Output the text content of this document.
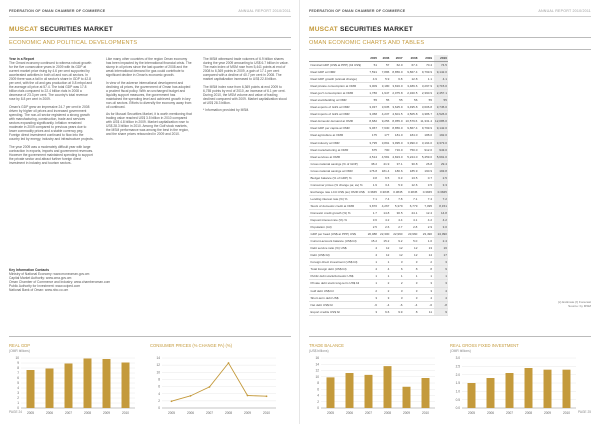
FEDERATION OF OMAN CHAMBER OF COMMERCE	ANNUAL REPORT 2010/2011
MUSCAT SECURITIES MARKET
ECONOMIC AND POLITICAL DEVELOPMENTS

Year in a Report

The Omani economy continued to witness robust growth for the five consecutive years in 2009 with its GDP at current market price rising by 4.6 per cent supported by accelerated activities in both oil and non-oil sectors. In 2009 there was a fall in oil sector's share in GDP to 42.8 per cent, with the oil and gas production at 0.8 mbpd and the average oil price at 57.4. The total GDP was 17.8 billion rials compared to 22.4 billion rials in 2008 a decrease of 23.3 per cent. The country's total revenue rose by 8.8 per cent in 2009.

Oman's GDP grew an impressive 24.7 per cent in 2008 driven by higher oil prices and increased government spending. The non-oil sector registered a strong growth with manufacturing, construction, trade and services sectors expanding significantly. Inflation remained moderate in 2009 compared to previous years due to lower commodity prices and a stable currency peg. Foreign direct investment continued to flow into the country led by energy, industry and infrastructure projects.

The year 2009 was a moderately difficult year with large contraction in exports, imports and government revenues. However the government maintained spending to support the private sector and attract further foreign direct investment in industry and tourism sectors.

Like many other countries of the region Oman economy has been impacted by the international financial crisis. The slump in oil prices since the last quarter of 2008 and the weak international demand for gas could contribute to significant decline in Oman's economic growth.

In view of the adverse international development and declining oil prices, the government of Oman has adopted a prudent fiscal policy. With an unchanged budget and liquidity support measures, the government has maintained the spending level and achieved growth in key non-oil sectors. Efforts to diversify the economy away from oil continued.

As for Muscat Securities Market, it is worth mentioning that trading value reached US$ 3.5 billion in 2010 compared with US$ 4.8 billion in 2009. Market capitalization rose to US$ 28.3 billion in 2010. Among the Gulf stock markets, the MSM performance was among the best in the region, and the share prices rebounded in 2009 and 2010.

The MSM witnessed trade volumes of 6.9 billion shares during the year 2009 amounting to US$ 6.7 billion in value. The main index of MSM rose from 5,441 points at end of 2008 to 6,369 points in 2009, a gain of 17.1 per cent compared with a decline of 40.7 per cent in 2008. The market capitalization increased to US$ 22.8 billion.

The MSM index rose from 6,369 points at end 2009 to 6,755 points by end of 2010, an increase of 6.1 per cent. During 2010, the MSM volume and value of trading declined compared with 2009. Market capitalization stood at US$ 28.3 billion.

* Information provided by MSM.

Key Information Contacts
Ministry of National Economy: www.moneoman.gov.om
Capital Market Authority: www.cma.gov.om
Oman Chamber of Commerce and Industry: www.chamberoman.com
Public Authority for Investment: www.ociped.com
National Bank of Oman: www.nbo.co.om
REAL GDP
(OMR billions)
0
1
2
3
4
5
6
7
8
9
10
2005	2006	2007	2008	2009	2010
CONSUMER PRICES (% CHANGE PA) (%)
0
2
4
6
8
10
12
14
2005	2006	2007	2008	2009	2010
PAGE 24
FEDERATION OF OMAN CHAMBER OF COMMERCE	ANNUAL REPORT 2010/2011
MUSCAT SECURITIES MARKET
OMAN ECONOMIC CHARTS AND TABLES
	2005	2006	2007	2008	2009	2010
Nominal GDP (US$ at PPP) (bil US$)	51	57	62.0	67.4	70.4	74.5
Real GDP at OMR	7,591	7,886	8,856.0	9,867.4	9,799.9	9,142.0
Real GDP growth (annual change)	4.9	5.9	6.8	12.8	1.1	4.1
Real private consumption at OMR	3,009	3,180	3,816.0	3,489.6	3,297.9	3,715.0
Real gov'l consumption at OMR	1,786	1,947	2,075.8	2,320.5	2,390.9	2,457.1
Real stockbuilding at OMR	55	55	55	56	55	55
Real exports of G&S at OMR	3,037	3,635	3,625.9	3,495.8	3,606.8	3,745.0
Real imports of G&S at OMR	3,458	4,237	4,601.5	4,505.8	4,386.7	4,526.0
Real domestic demand at OMR	8,682	9,256	8,955.0	10,579.6	11,331.4	12,085.0
Real GDP per capita at OMR	9,067	7,630	8,856.0	9,867.4	9,799.9	9,142.0
Real agriculture at OMR	175	177	181.0	184.0	188.0	192.0
Real industry at OMR	3,795	3,891	3,995.0	3,990.0	3,194.0	3,373.0
Real manufacturing at OMR	675	700	716.0	750.0	912.0	943.0
Real services at OMR	4,514	4,581	4,823.0	5,224.0	5,459.0	5,691.0
Gross national savings (% of GDP)	38.2	41.9	37.1	30.8	26.8	29.4
Gross national savings at OMR	176.8	181.4	180.6	185.9	190.9	193.8
Budget balance (% of GDP) %	3.8	6.5	6.3	13.5	0.7	2.5
Consumer prices (% change pa; av) %	1.9	3.4	5.9	12.6	3.5	3.3
Exchange rate LCU:US$ (av) OMR:US$	0.3845	0.3845	0.3845	0.3845	0.3845	0.3845
Lending interest rate (%) %	7.1	7.4	7.8	7.1	7.4	7.2
Stock of domestic credit at OMR	3,870	4,267	5,379	6,779	7,095	8,151
Domestic credit growth (%) %	1.7	14.8	30.5	24.1	12.4	14.8
Deposit interest rate (%) %	3.6	4.2	4.4	4.1	4.2	4.2
Population (mil)	2.5	2.6	2.7	2.8	2.9	3.0
GDP per head (US$ at PPP) US$	20,088	22,300	22,960	23,960	23,490	24,090
Current-account balance (US$ bil)	15.2	15.2	9.2	5.0	1.0	2.4
Debt service ratio (%) US$	4	12	12	12	13	16
Debt (US$ bil)	4	12	12	12	14	17
Foreign direct investment (US$ bil)	1	1	3	3	2	3
Total foreign debt (US$ bil)	4	4	6	8	8	9
Public debt stock/domestic US$	1	1	1	1	1	1
Private debt stock long-term US$ bil	1	2	2	3	3	3
Gulf debt US$ bil	2	2	3	3	3	4
Short-term debt US$	3	3	3	3	4	4
Net debt US$ bil	-6	-4	-6	-4	-6	-8
Export credits US$ bil	3	6.6	9.9	8	11	9
(c) Estimate (f) Forecast
Source: by MSM
TRADE BALANCE
(US$ billions)
0
2
4
6
8
10
12
14
16
2005	2006	2007	2008	2009	2010
REAL GROSS FIXED INVESTMENT
(OMR billions)
0.0
0.5
1.0
1.5
2.0
2.5
3.0
2005	2006	2007	2008	2009	2010 PAGE 25
